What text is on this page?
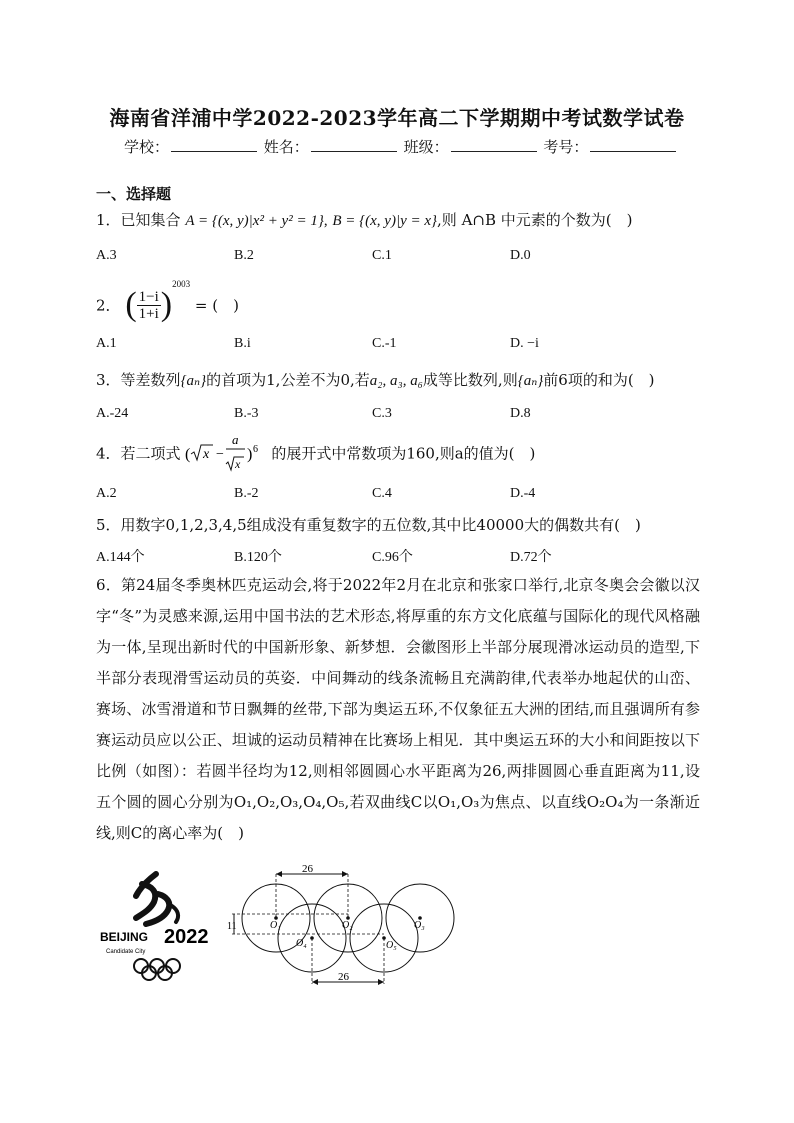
海南省洋浦中学2022-2023学年高二下学期期中考试数学试卷
学校：	姓名：	班级：	考号：
一、选择题
1．已知集合 A = {(x, y)|x² + y² = 1}, B = {(x, y)|y = x},则 A∩B 中元素的个数为(　)
A.3	B.2	C.1	D.0
2． ( $\frac{1-i}{1+i} )^{2003}$ = (　)
A.1	B.i	C.-1	D. −i
3．等差数列{aₙ}的首项为1,公差不为0,若a₂, a₃, a₆成等比数列,则{aₙ}前6项的和为(　)
A.-24	B.-3	C.3	D.8
4．若二项式 ( x −
a
x
) 6 的展开式中常数项为160,则a的值为(　)
A.2	B.-2	C.4	D.-4
5．用数字0,1,2,3,4,5组成没有重复数字的五位数,其中比40000大的偶数共有(　)
A.144个	B.120个	C.96个	D.72个
6．第24届冬季奥林匹克运动会,将于2022年2月在北京和张家口举行,北京冬奥会会徽以汉字“冬”为灵感来源,运用中国书法的艺术形态,将厚重的东方文化底蕴与国际化的现代风格融为一体,呈现出新时代的中国新形象、新梦想．会徽图形上半部分展现滑冰运动员的造型,下半部分表现滑雪运动员的英姿．中间舞动的线条流畅且充满韵律,代表举办地起伏的山峦、赛场、冰雪滑道和节日飘舞的丝带,下部为奥运五环,不仅象征五大洲的团结,而且强调所有参赛运动员应以公正、坦诚的运动员精神在比赛场上相见．其中奥运五环的大小和间距按以下比例（如图）：若圆半径均为12,则相邻圆圆心水平距离为26,两排圆圆心垂直距离为11,设五个圆的圆心分别为O₁,O₂,O₃,O₄,O₅,若双曲线C以O₁,O₃为焦点、以直线O₂O₄为一条渐近线,则C的离心率为(　)
BEIJING 2022
Candidate City
26
11
26
O₁	O₂	O₃
O₄	O₅
